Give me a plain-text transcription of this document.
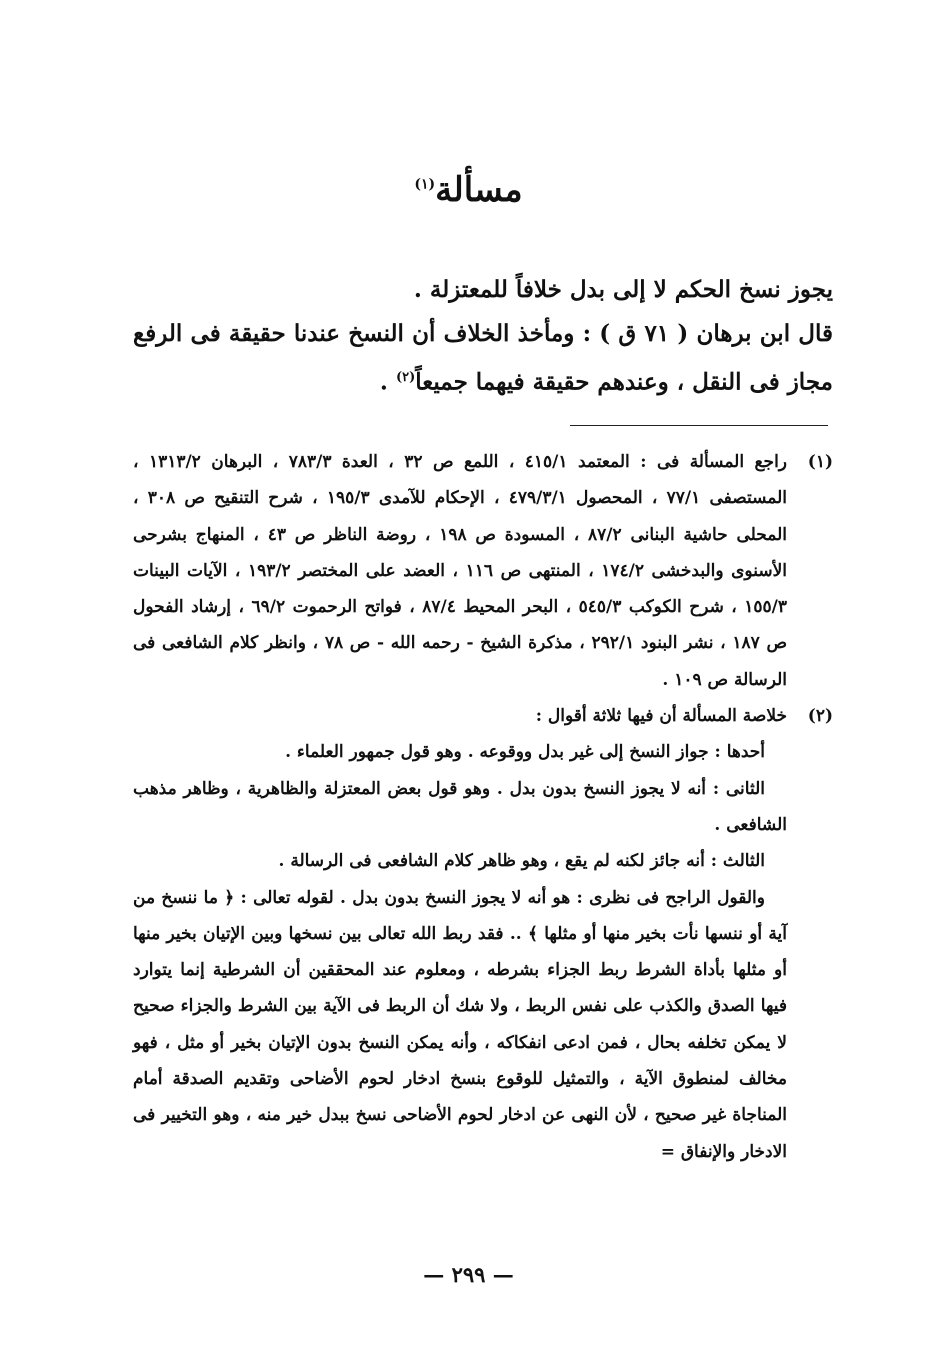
مسألة$^{(١)}$

يجوز نسخ الحكم لا إلى بدل خلافاً للمعتزلة .

قال ابن برهان ( ٧١ ق ) : ومأخذ الخلاف أن النسخ عندنا حقيقة فى الرفع مجاز فى النقل ، وعندهم حقيقة فيهما جميعاً$^{(٢)}$ .

(١)

راجع المسألة فى : المعتمد ٤١٥/١ ، اللمع ص ٣٢ ، العدة ٧٨٣/٣ ، البرهان ١٣١٣/٢ ، المستصفى ٧٧/١ ، المحصول ٤٧٩/٣/١ ، الإحكام للآمدى ١٩٥/٣ ، شرح التنقيح ص ٣٠٨ ، المحلى حاشية البنانى ٨٧/٢ ، المسودة ص ١٩٨ ، روضة الناظر ص ٤٣ ، المنهاج بشرحى الأسنوى والبدخشى ١٧٤/٢ ، المنتهى ص ١١٦ ، العضد على المختصر ١٩٣/٢ ، الآيات البينات ١٥٥/٣ ، شرح الكوكب ٥٤٥/٣ ، البحر المحيط ٨٧/٤ ، فواتح الرحموت ٦٩/٢ ، إرشاد الفحول ص ١٨٧ ، نشر البنود ٢٩٢/١ ، مذكرة الشيخ - رحمه الله - ص ٧٨ ، وانظر كلام الشافعى فى الرسالة ص ١٠٩ .

(٢)

خلاصة المسألة أن فيها ثلاثة أقوال :

أحدها : جواز النسخ إلى غير بدل ووقوعه . وهو قول جمهور العلماء .

الثانى : أنه لا يجوز النسخ بدون بدل . وهو قول بعض المعتزلة والظاهرية ، وظاهر مذهب الشافعى .

الثالث : أنه جائز لكنه لم يقع ، وهو ظاهر كلام الشافعى فى الرسالة .

والقول الراجح فى نظرى : هو أنه لا يجوز النسخ بدون بدل . لقوله تعالى : ﴿ ما ننسخ من آية أو ننسها نأت بخير منها أو مثلها ﴾ .. فقد ربط الله تعالى بين نسخها وبين الإتيان بخير منها أو مثلها بأداة الشرط ربط الجزاء بشرطه ، ومعلوم عند المحققين أن الشرطية إنما يتوارد فيها الصدق والكذب على نفس الربط ، ولا شك أن الربط فى الآية بين الشرط والجزاء صحيح لا يمكن تخلفه بحال ، فمن ادعى انفكاكه ، وأنه يمكن النسخ بدون الإتيان بخير أو مثل ، فهو مخالف لمنطوق الآية ، والتمثيل للوقوع بنسخ ادخار لحوم الأضاحى وتقديم الصدقة أمام المناجاة غير صحيح ، لأن النهى عن ادخار لحوم الأضاحى نسخ ببدل خير منه ، وهو التخيير فى الادخار والإنفاق =

— ٢٩٩ —
